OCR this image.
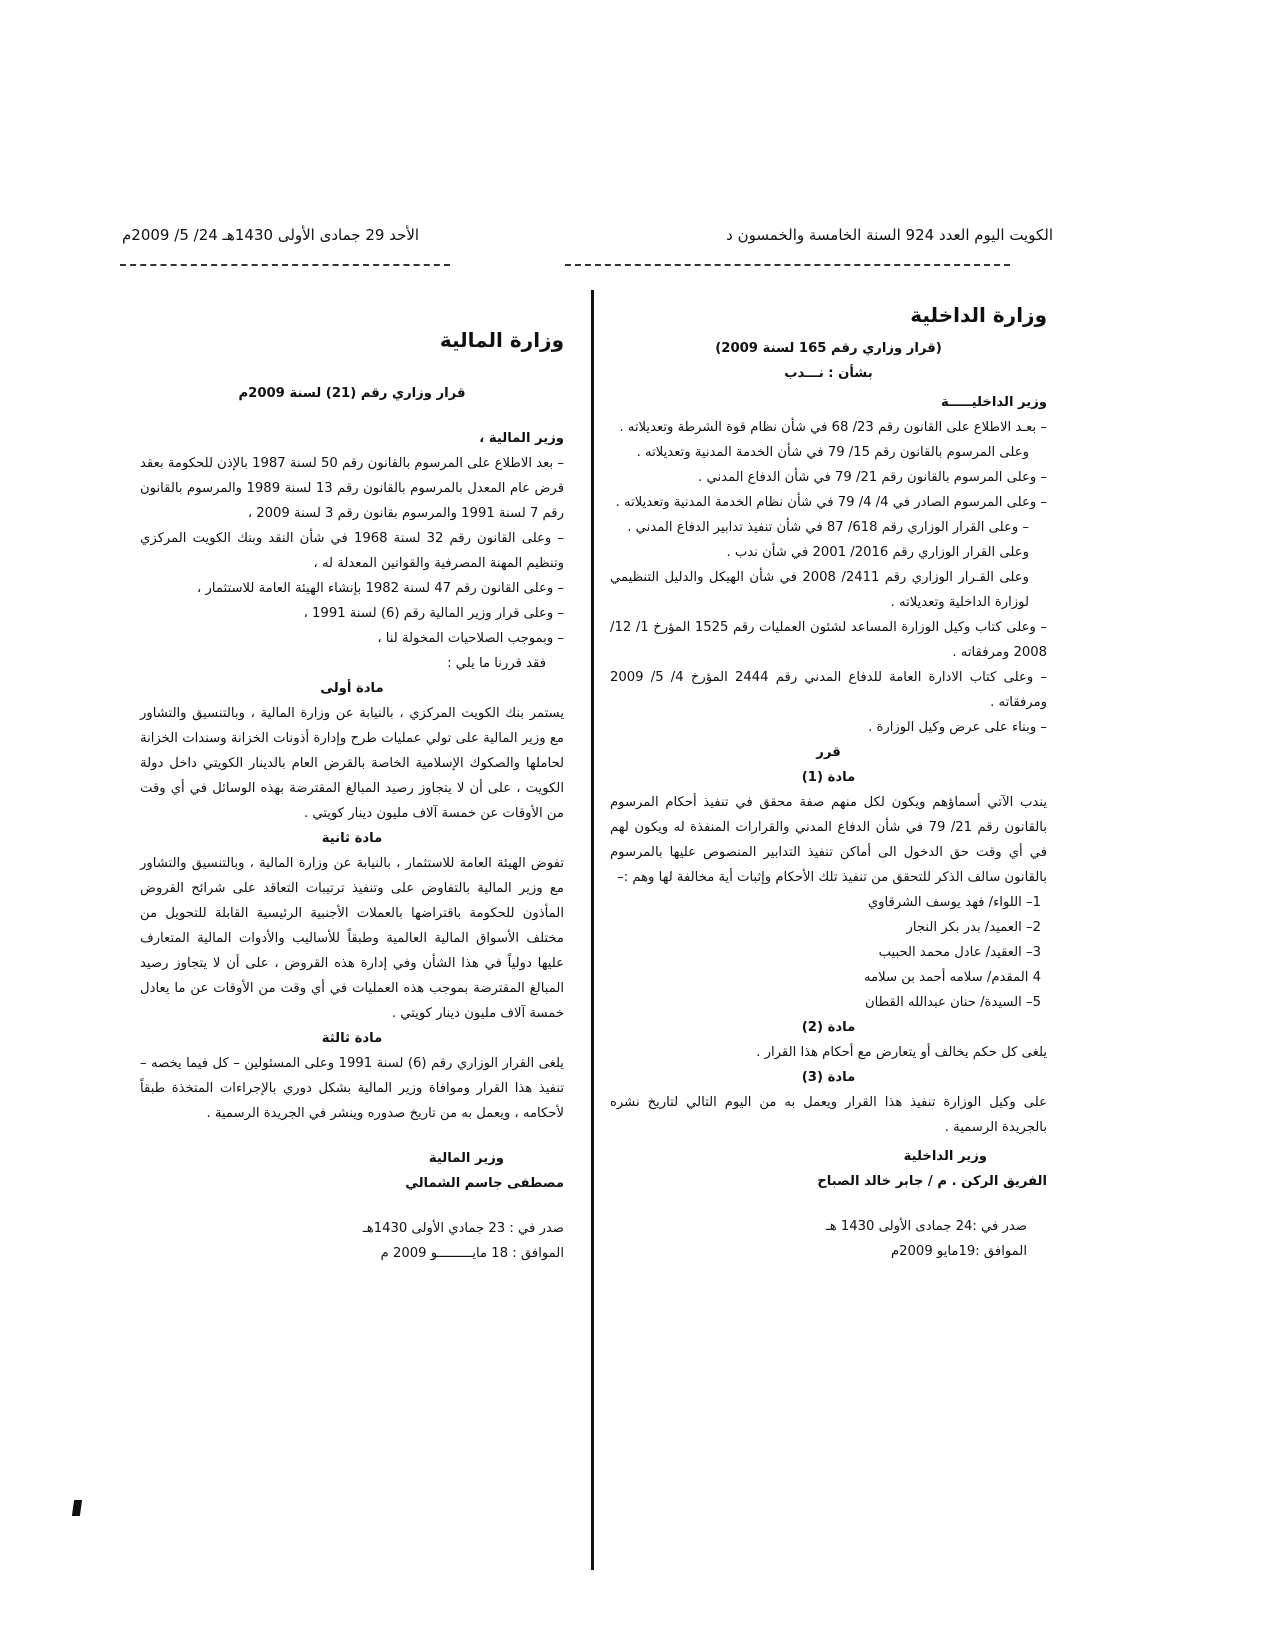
الكويت اليوم العدد 924 السنة الخامسة والخمسون د
الأحد 29 جمادى الأولى 1430هـ 24/ 5/ 2009م
وزارة الداخلية

(قرار وزاري رقم 165 لسنة 2009)

بشأن : نـــدب

وزير الداخليـــــة

– بعـد الاطلاع على القانون رقم 23/ 68 في شأن نظام قوة الشرطة وتعديلاته .

وعلى المرسوم بالقانون رقم 15/ 79 في شأن الخدمة المدنية وتعديلاته .

– وعلى المرسوم بالقانون رقم 21/ 79 في شأن الدفاع المدني .

– وعلى المرسوم الصادر في 4/ 4/ 79 في شأن نظام الخدمة المدنية وتعديلاته .

– وعلى القرار الوزاري رقم 618/ 87 في شأن تنفيذ تدابير الدفاع المدني .

وعلى القرار الوزاري رقم 2016/ 2001 في شأن ندب .

وعلى القـرار الوزاري رقم 2411/ 2008 في شأن الهيكل والدليل التنظيمي لوزارة الداخلية وتعديلاته .

– وعلى كتاب وكيل الوزارة المساعد لشئون العمليات رقم 1525 المؤرخ 1/ 12/ 2008 ومرفقاته .

– وعلى كتاب الادارة العامة للدفاع المدني رقم 2444 المؤرخ 4/ 5/ 2009 ومرفقاته .

– وبناء على عرض وكيل الوزارة .

قرر

مادة (1)

يندب الآتي أسماؤهم ويكون لكل منهم صفة محقق في تنفيذ أحكام المرسوم بالقانون رقم 21/ 79 في شأن الدفاع المدني والقرارات المنفذة له ويكون لهم في أي وقت حق الدخول الى أماكن تنفيذ التدابير المنصوص عليها بالمرسوم بالقانون سالف الذكر للتحقق من تنفيذ تلك الأحكام وإثبات أية مخالفة لها وهم :–

1– اللواء/ فهد يوسف الشرقاوي

2– العميد/ بدر بكر النجار

3– العقيد/ عادل محمد الحبيب

4 المقدم/ سلامه أحمد بن سلامه

5– السيدة/ حنان عبدالله القطان

مادة (2)

يلغى كل حكم يخالف أو يتعارض مع أحكام هذا القرار .

مادة (3)

على وكيل الوزارة تنفيذ هذا القرار ويعمل به من اليوم التالي لتاريخ نشره بالجريدة الرسمية .

وزير الداخلية

الفريق الركن . م / جابر خالد الصباح

صدر في :24 جمادى الأولى 1430 هـ

الموافق :19مايو 2009م

وزارة المالية

قرار وزاري رقم (21) لسنة 2009م

وزير المالية ،

– بعد الاطلاع على المرسوم بالقانون رقم 50 لسنة 1987 بالإذن للحكومة بعقد قرض عام المعدل بالمرسوم بالقانون رقم 13 لسنة 1989 والمرسوم بالقانون رقم 7 لسنة 1991 والمرسوم بقانون رقم 3 لسنة 2009 ،

– وعلى القانون رقم 32 لسنة 1968 في شأن النقد وبنك الكويت المركزي وتنظيم المهنة المصرفية والقوانين المعدلة له ،

– وعلى القانون رقم 47 لسنة 1982 بإنشاء الهيئة العامة للاستثمار ،

– وعلى قرار وزير المالية رقم (6) لسنة 1991 ،

– وبموجب الصلاحيات المخولة لنا ،

فقد قررنا ما يلي :

مادة أولى

يستمر بنك الكويت المركزي ، بالنيابة عن وزارة المالية ، وبالتنسيق والتشاور مع وزير المالية على تولي عمليات طرح وإدارة أذونات الخزانة وسندات الخزانة لحاملها والصكوك الإسلامية الخاصة بالقرض العام بالدينار الكويتي داخل دولة الكويت ، على أن لا يتجاوز رصيد المبالغ المقترضة بهذه الوسائل في أي وقت من الأوقات عن خمسة آلاف مليون دينار كويتي .

مادة ثانية

تفوض الهيئة العامة للاستثمار ، بالنيابة عن وزارة المالية ، وبالتنسيق والتشاور مع وزير المالية بالتفاوض على وتنفيذ ترتيبات التعاقد على شرائح القروض المأذون للحكومة باقتراضها بالعملات الأجنبية الرئيسية القابلة للتحويل من مختلف الأسواق المالية العالمية وطبقاً للأساليب والأدوات المالية المتعارف عليها دولياً في هذا الشأن وفي إدارة هذه القروض ، على أن لا يتجاوز رصيد المبالغ المقترضة بموجب هذه العمليات في أي وقت من الأوقات عن ما يعادل خمسة آلاف مليون دينار كويتي .

مادة ثالثة

يلغى القرار الوزاري رقم (6) لسنة 1991 وعلى المسئولين – كل فيما يخصه – تنفيذ هذا القرار وموافاة وزير المالية بشكل دوري بالإجراءات المتخذة طبقاً لأحكامه ، ويعمل به من تاريخ صدوره وينشر في الجريدة الرسمية .

وزير المالية

مصطفى جاسم الشمالي

صدر في : 23 جمادي الأولى 1430هـ

الموافق : 18 مايـــــــــو 2009 م
